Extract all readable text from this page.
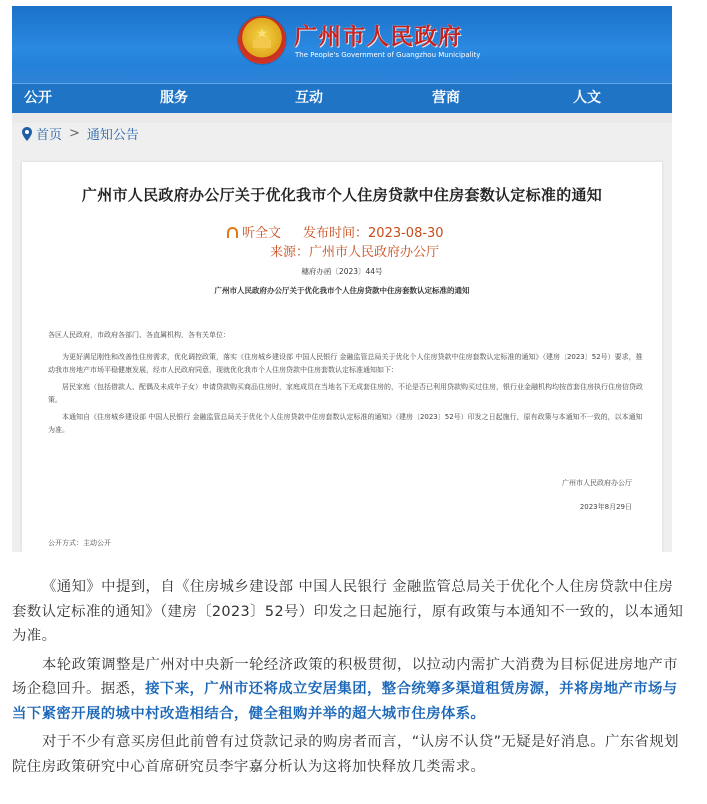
广州市人民政府
The People's Government of Guangzhou Municipality
公开	服务	互动	营商	人文
首页 > 通知公告
广州市人民政府办公厅关于优化我市个人住房贷款中住房套数认定标准的通知
听全文 发布时间：2023-08-30
来源：广州市人民政府办公厅
穗府办函〔2023〕44号
广州市人民政府办公厅关于优化我市个人住房贷款中住房套数认定标准的通知

各区人民政府，市政府各部门、各直属机构，各有关单位：

为更好满足刚性和改善性住房需求，优化调控政策，落实《住房城乡建设部 中国人民银行 金融监管总局关于优化个人住房贷款中住房套数认定标准的通知》（建房〔2023〕52号）要求，推动我市房地产市场平稳健康发展，经市人民政府同意，现就优化我市个人住房贷款中住房套数认定标准通知如下：

居民家庭（包括借款人、配偶及未成年子女）申请贷款购买商品住房时，家庭成员在当地名下无成套住房的，不论是否已利用贷款购买过住房，银行业金融机构均按首套住房执行住房信贷政策。

本通知自《住房城乡建设部 中国人民银行 金融监管总局关于优化个人住房贷款中住房套数认定标准的通知》（建房〔2023〕52号）印发之日起施行，原有政策与本通知不一致的，以本通知为准。

广州市人民政府办公厅
2023年8月29日
公开方式：主动公开

《通知》中提到，自《住房城乡建设部 中国人民银行 金融监管总局关于优化个人住房贷款中住房套数认定标准的通知》（建房〔2023〕52号）印发之日起施行，原有政策与本通知不一致的，以本通知为准。

本轮政策调整是广州对中央新一轮经济政策的积极贯彻，以拉动内需扩大消费为目标促进房地产市场企稳回升。据悉，接下来，广州市还将成立安居集团，整合统筹多渠道租赁房源，并将房地产市场与当下紧密开展的城中村改造相结合，健全租购并举的超大城市住房体系。

对于不少有意买房但此前曾有过贷款记录的购房者而言，“认房不认贷”无疑是好消息。广东省规划院住房政策研究中心首席研究员李宇嘉分析认为这将加快释放几类需求。
